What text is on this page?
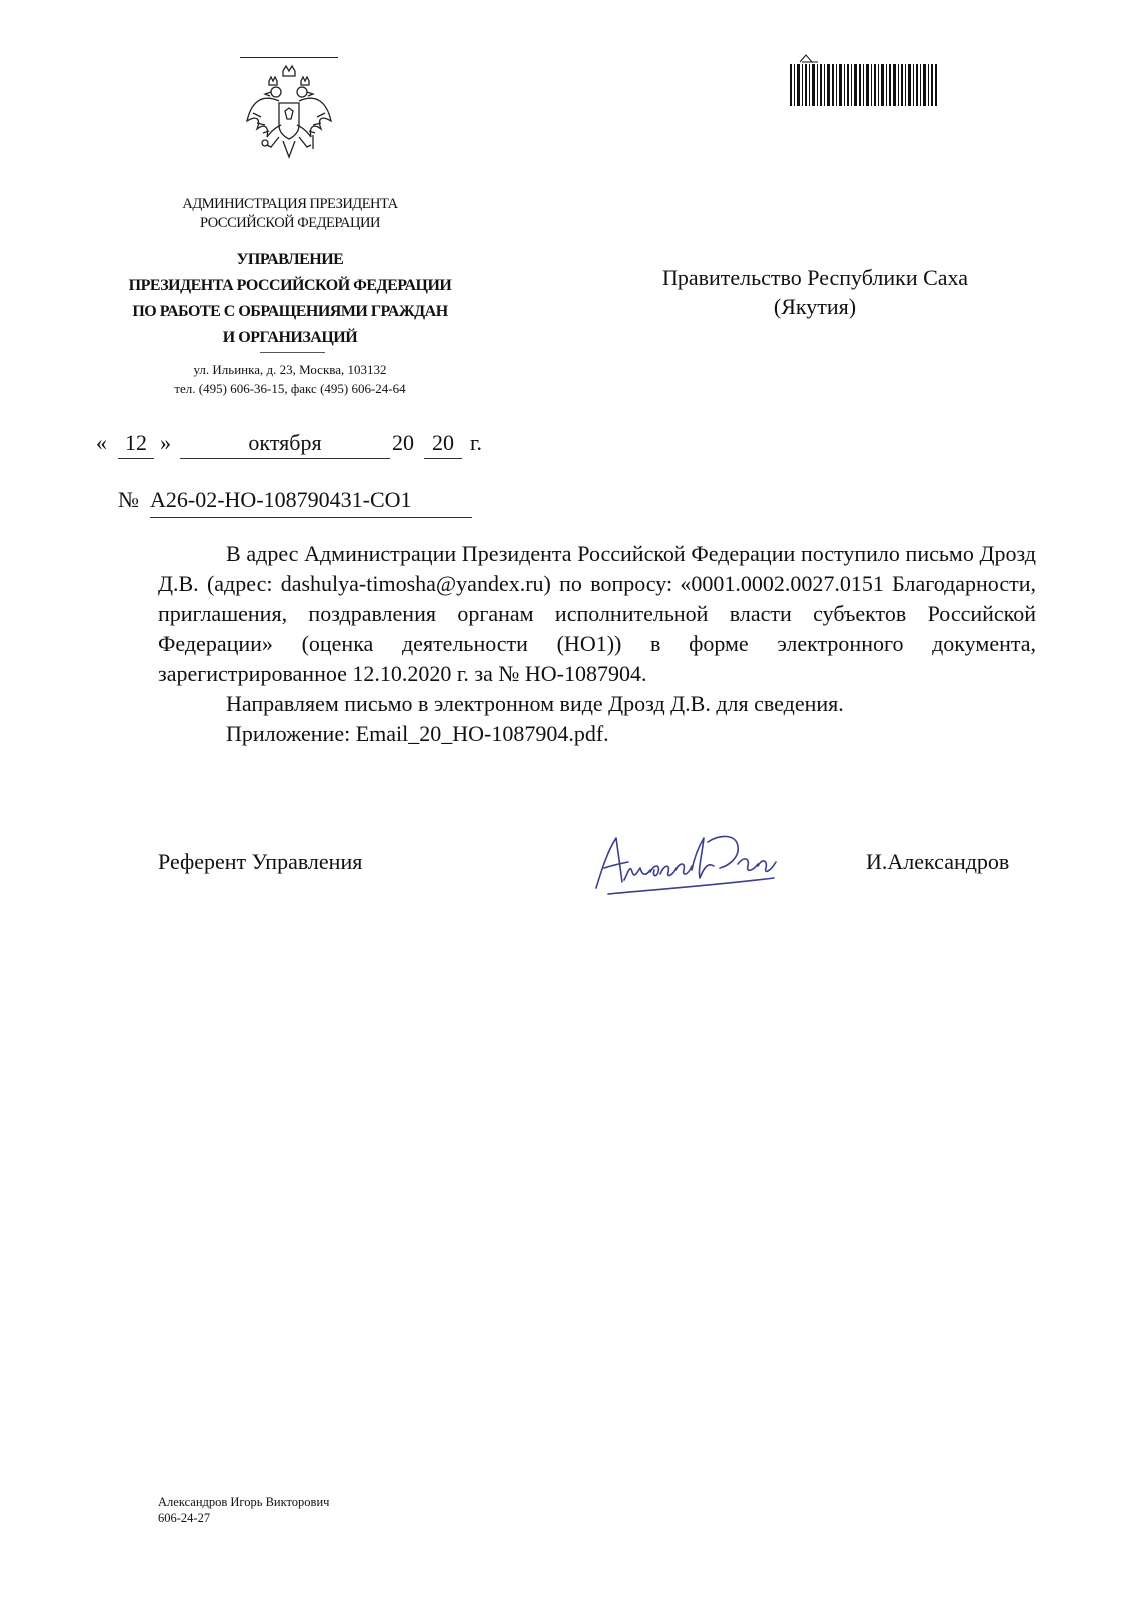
АДМИНИСТРАЦИЯ ПРЕЗИДЕНТА
РОССИЙСКОЙ ФЕДЕРАЦИИ
УПРАВЛЕНИЕ
ПРЕЗИДЕНТА РОССИЙСКОЙ ФЕДЕРАЦИИ
ПО РАБОТЕ С ОБРАЩЕНИЯМИ ГРАЖДАН
И ОРГАНИЗАЦИЙ
ул. Ильинка, д. 23, Москва, 103132
тел. (495) 606-36-15, факс (495) 606-24-64
Правительство Республики Саха
(Якутия)
« 12 »	октября	20 20 г.
№ А26-02-НО-108790431-СО1

В адрес Администрации Президента Российской Федерации поступило письмо Дрозд Д.В. (адрес: dashulya-timosha@yandex.ru) по вопросу: «0001.0002.0027.0151 Благодарности, приглашения, поздравления органам исполнительной власти субъектов Российской Федерации» (оценка деятельности (НО1)) в форме электронного документа, зарегистрированное 12.10.2020 г. за № НО-1087904.

Направляем письмо в электронном виде Дрозд Д.В. для сведения.

Приложение: Email_20_НО-1087904.pdf.

Референт Управления	И.Александров
Александров Игорь Викторович
606-24-27
